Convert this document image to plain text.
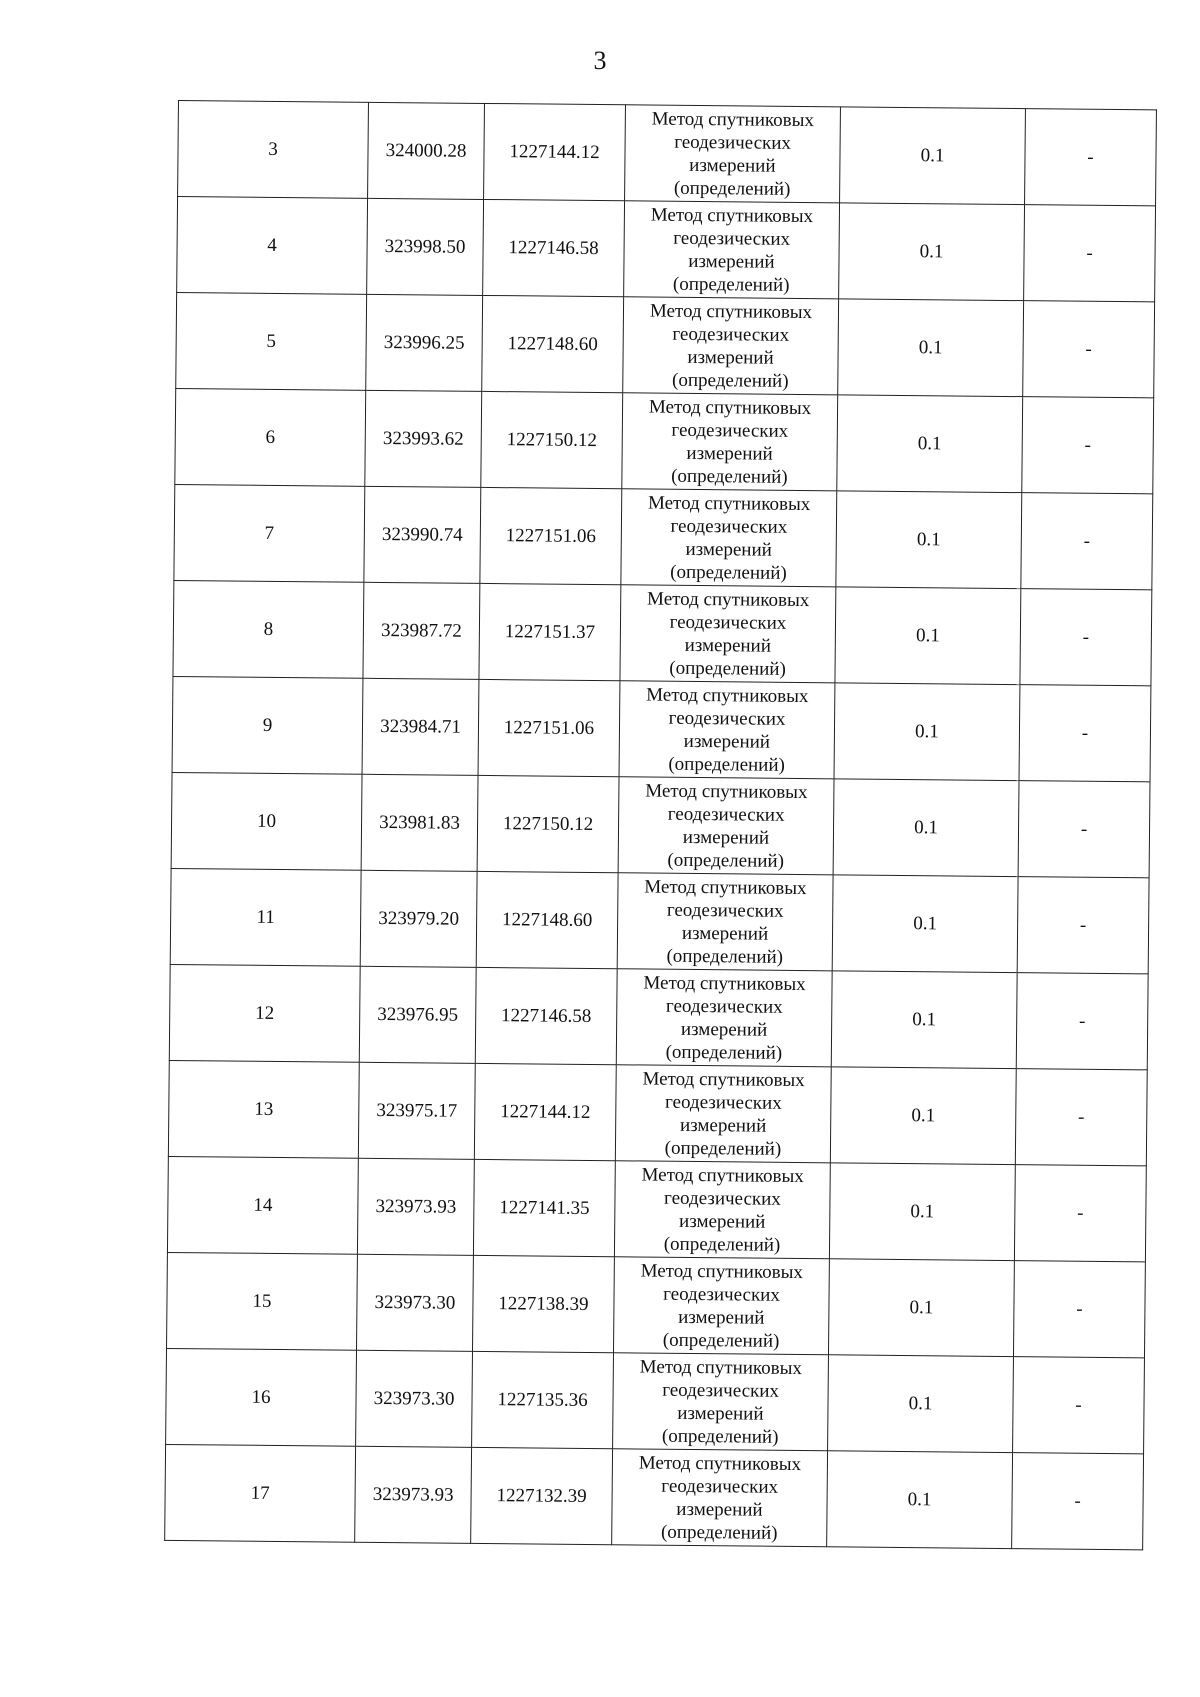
3
3	324000.28	1227144.12	Метод спутниковых
геодезических
измерений
(определений)	0.1	-
4	323998.50	1227146.58	Метод спутниковых
геодезических
измерений
(определений)	0.1	-
5	323996.25	1227148.60	Метод спутниковых
геодезических
измерений
(определений)	0.1	-
6	323993.62	1227150.12	Метод спутниковых
геодезических
измерений
(определений)	0.1	-
7	323990.74	1227151.06	Метод спутниковых
геодезических
измерений
(определений)	0.1	-
8	323987.72	1227151.37	Метод спутниковых
геодезических
измерений
(определений)	0.1	-
9	323984.71	1227151.06	Метод спутниковых
геодезических
измерений
(определений)	0.1	-
10	323981.83	1227150.12	Метод спутниковых
геодезических
измерений
(определений)	0.1	-
11	323979.20	1227148.60	Метод спутниковых
геодезических
измерений
(определений)	0.1	-
12	323976.95	1227146.58	Метод спутниковых
геодезических
измерений
(определений)	0.1	-
13	323975.17	1227144.12	Метод спутниковых
геодезических
измерений
(определений)	0.1	-
14	323973.93	1227141.35	Метод спутниковых
геодезических
измерений
(определений)	0.1	-
15	323973.30	1227138.39	Метод спутниковых
геодезических
измерений
(определений)	0.1	-
16	323973.30	1227135.36	Метод спутниковых
геодезических
измерений
(определений)	0.1	-
17	323973.93	1227132.39	Метод спутниковых
геодезических
измерений
(определений)	0.1	-
